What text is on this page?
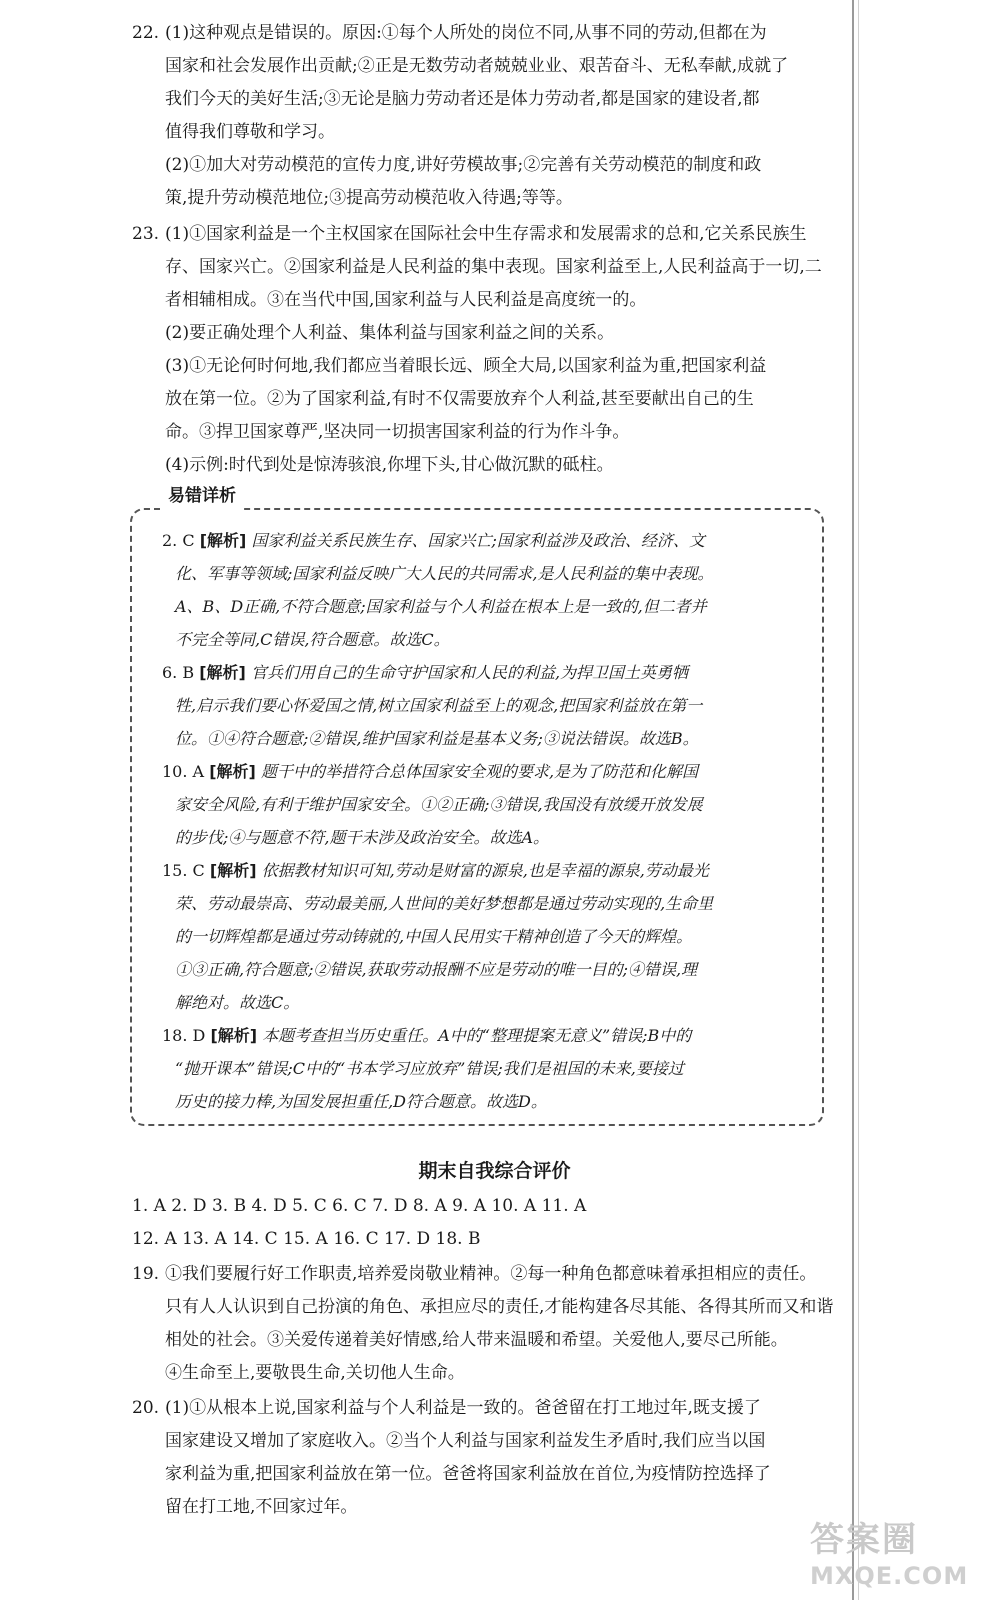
22. (1)这种观点是错误的。原因:①每个人所处的岗位不同,从事不同的劳动,但都在为
国家和社会发展作出贡献;②正是无数劳动者兢兢业业、艰苦奋斗、无私奉献,成就了
我们今天的美好生活;③无论是脑力劳动者还是体力劳动者,都是国家的建设者,都
值得我们尊敬和学习。
(2)①加大对劳动模范的宣传力度,讲好劳模故事;②完善有关劳动模范的制度和政
策,提升劳动模范地位;③提高劳动模范收入待遇;等等。
23. (1)①国家利益是一个主权国家在国际社会中生存需求和发展需求的总和,它关系民族生
存、国家兴亡。②国家利益是人民利益的集中表现。国家利益至上,人民利益高于一切,二
者相辅相成。③在当代中国,国家利益与人民利益是高度统一的。
(2)要正确处理个人利益、集体利益与国家利益之间的关系。
(3)①无论何时何地,我们都应当着眼长远、顾全大局,以国家利益为重,把国家利益
放在第一位。②为了国家利益,有时不仅需要放弃个人利益,甚至要献出自己的生
命。③捍卫国家尊严,坚决同一切损害国家利益的行为作斗争。
(4)示例:时代到处是惊涛骇浪,你埋下头,甘心做沉默的砥柱。
易错详析
2. C [解析] 国家利益关系民族生存、国家兴亡;国家利益涉及政治、经济、文
化、军事等领域;国家利益反映广大人民的共同需求,是人民利益的集中表现。
A、B、D正确,不符合题意;国家利益与个人利益在根本上是一致的,但二者并
不完全等同,C错误,符合题意。故选C。
6. B [解析] 官兵们用自己的生命守护国家和人民的利益,为捍卫国土英勇牺
牲,启示我们要心怀爱国之情,树立国家利益至上的观念,把国家利益放在第一
位。①④符合题意;②错误,维护国家利益是基本义务;③说法错误。故选B。
10. A [解析] 题干中的举措符合总体国家安全观的要求,是为了防范和化解国
家安全风险,有利于维护国家安全。①②正确;③错误,我国没有放缓开放发展
的步伐;④与题意不符,题干未涉及政治安全。故选A。
15. C [解析] 依据教材知识可知,劳动是财富的源泉,也是幸福的源泉,劳动最光
荣、劳动最崇高、劳动最美丽,人世间的美好梦想都是通过劳动实现的,生命里
的一切辉煌都是通过劳动铸就的,中国人民用实干精神创造了今天的辉煌。
①③正确,符合题意;②错误,获取劳动报酬不应是劳动的唯一目的;④错误,理
解绝对。故选C。
18. D [解析] 本题考查担当历史重任。A中的“整理提案无意义”错误;B中的
“抛开课本”错误;C中的“书本学习应放弃”错误;我们是祖国的未来,要接过
历史的接力棒,为国发展担重任,D符合题意。故选D。
期末自我综合评价
1. A 2. D 3. B 4. D 5. C 6. C 7. D 8. A 9. A 10. A 11. A
12. A 13. A 14. C 15. A 16. C 17. D 18. B
19. ①我们要履行好工作职责,培养爱岗敬业精神。②每一种角色都意味着承担相应的责任。
只有人人认识到自己扮演的角色、承担应尽的责任,才能构建各尽其能、各得其所而又和谐
相处的社会。③关爱传递着美好情感,给人带来温暖和希望。关爱他人,要尽己所能。
④生命至上,要敬畏生命,关切他人生命。
20. (1)①从根本上说,国家利益与个人利益是一致的。爸爸留在打工地过年,既支援了
国家建设又增加了家庭收入。②当个人利益与国家利益发生矛盾时,我们应当以国
家利益为重,把国家利益放在第一位。爸爸将国家利益放在首位,为疫情防控选择了
留在打工地,不回家过年。
答案圈
MXQE.COM
